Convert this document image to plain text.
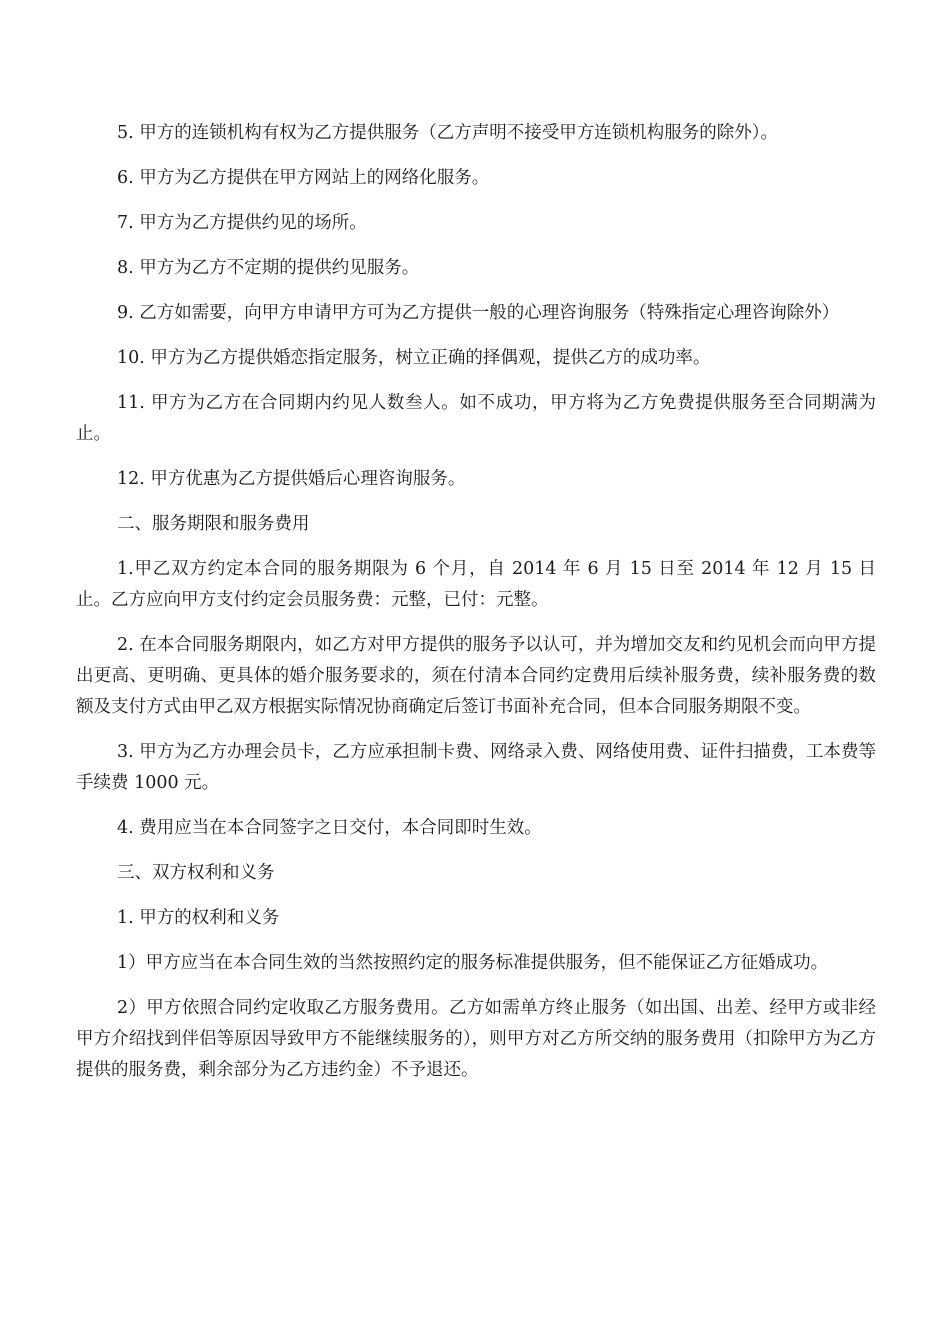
5. 甲方的连锁机构有权为乙方提供服务（乙方声明不接受甲方连锁机构服务的除外）。

6. 甲方为乙方提供在甲方网站上的网络化服务。

7. 甲方为乙方提供约见的场所。

8. 甲方为乙方不定期的提供约见服务。

9. 乙方如需要，向甲方申请甲方可为乙方提供一般的心理咨询服务（特殊指定心理咨询除外）

10. 甲方为乙方提供婚恋指定服务，树立正确的择偶观，提供乙方的成功率。

11. 甲方为乙方在合同期内约见人数叁人。如不成功，甲方将为乙方免费提供服务至合同期满为止。

12. 甲方优惠为乙方提供婚后心理咨询服务。

二、服务期限和服务费用

1.甲乙双方约定本合同的服务期限为 6 个月，自 2014 年 6 月 15 日至 2014 年 12 月 15 日止。乙方应向甲方支付约定会员服务费：元整，已付：元整。

2. 在本合同服务期限内，如乙方对甲方提供的服务予以认可，并为增加交友和约见机会而向甲方提出更高、更明确、更具体的婚介服务要求的，须在付清本合同约定费用后续补服务费，续补服务费的数额及支付方式由甲乙双方根据实际情况协商确定后签订书面补充合同，但本合同服务期限不变。

3. 甲方为乙方办理会员卡，乙方应承担制卡费、网络录入费、网络使用费、证件扫描费，工本费等手续费 1000 元。

4. 费用应当在本合同签字之日交付，本合同即时生效。

三、双方权利和义务

1. 甲方的权利和义务

1）甲方应当在本合同生效的当然按照约定的服务标准提供服务，但不能保证乙方征婚成功。

2）甲方依照合同约定收取乙方服务费用。乙方如需单方终止服务（如出国、出差、经甲方或非经甲方介绍找到伴侣等原因导致甲方不能继续服务的），则甲方对乙方所交纳的服务费用（扣除甲方为乙方提供的服务费，剩余部分为乙方违约金）不予退还。
